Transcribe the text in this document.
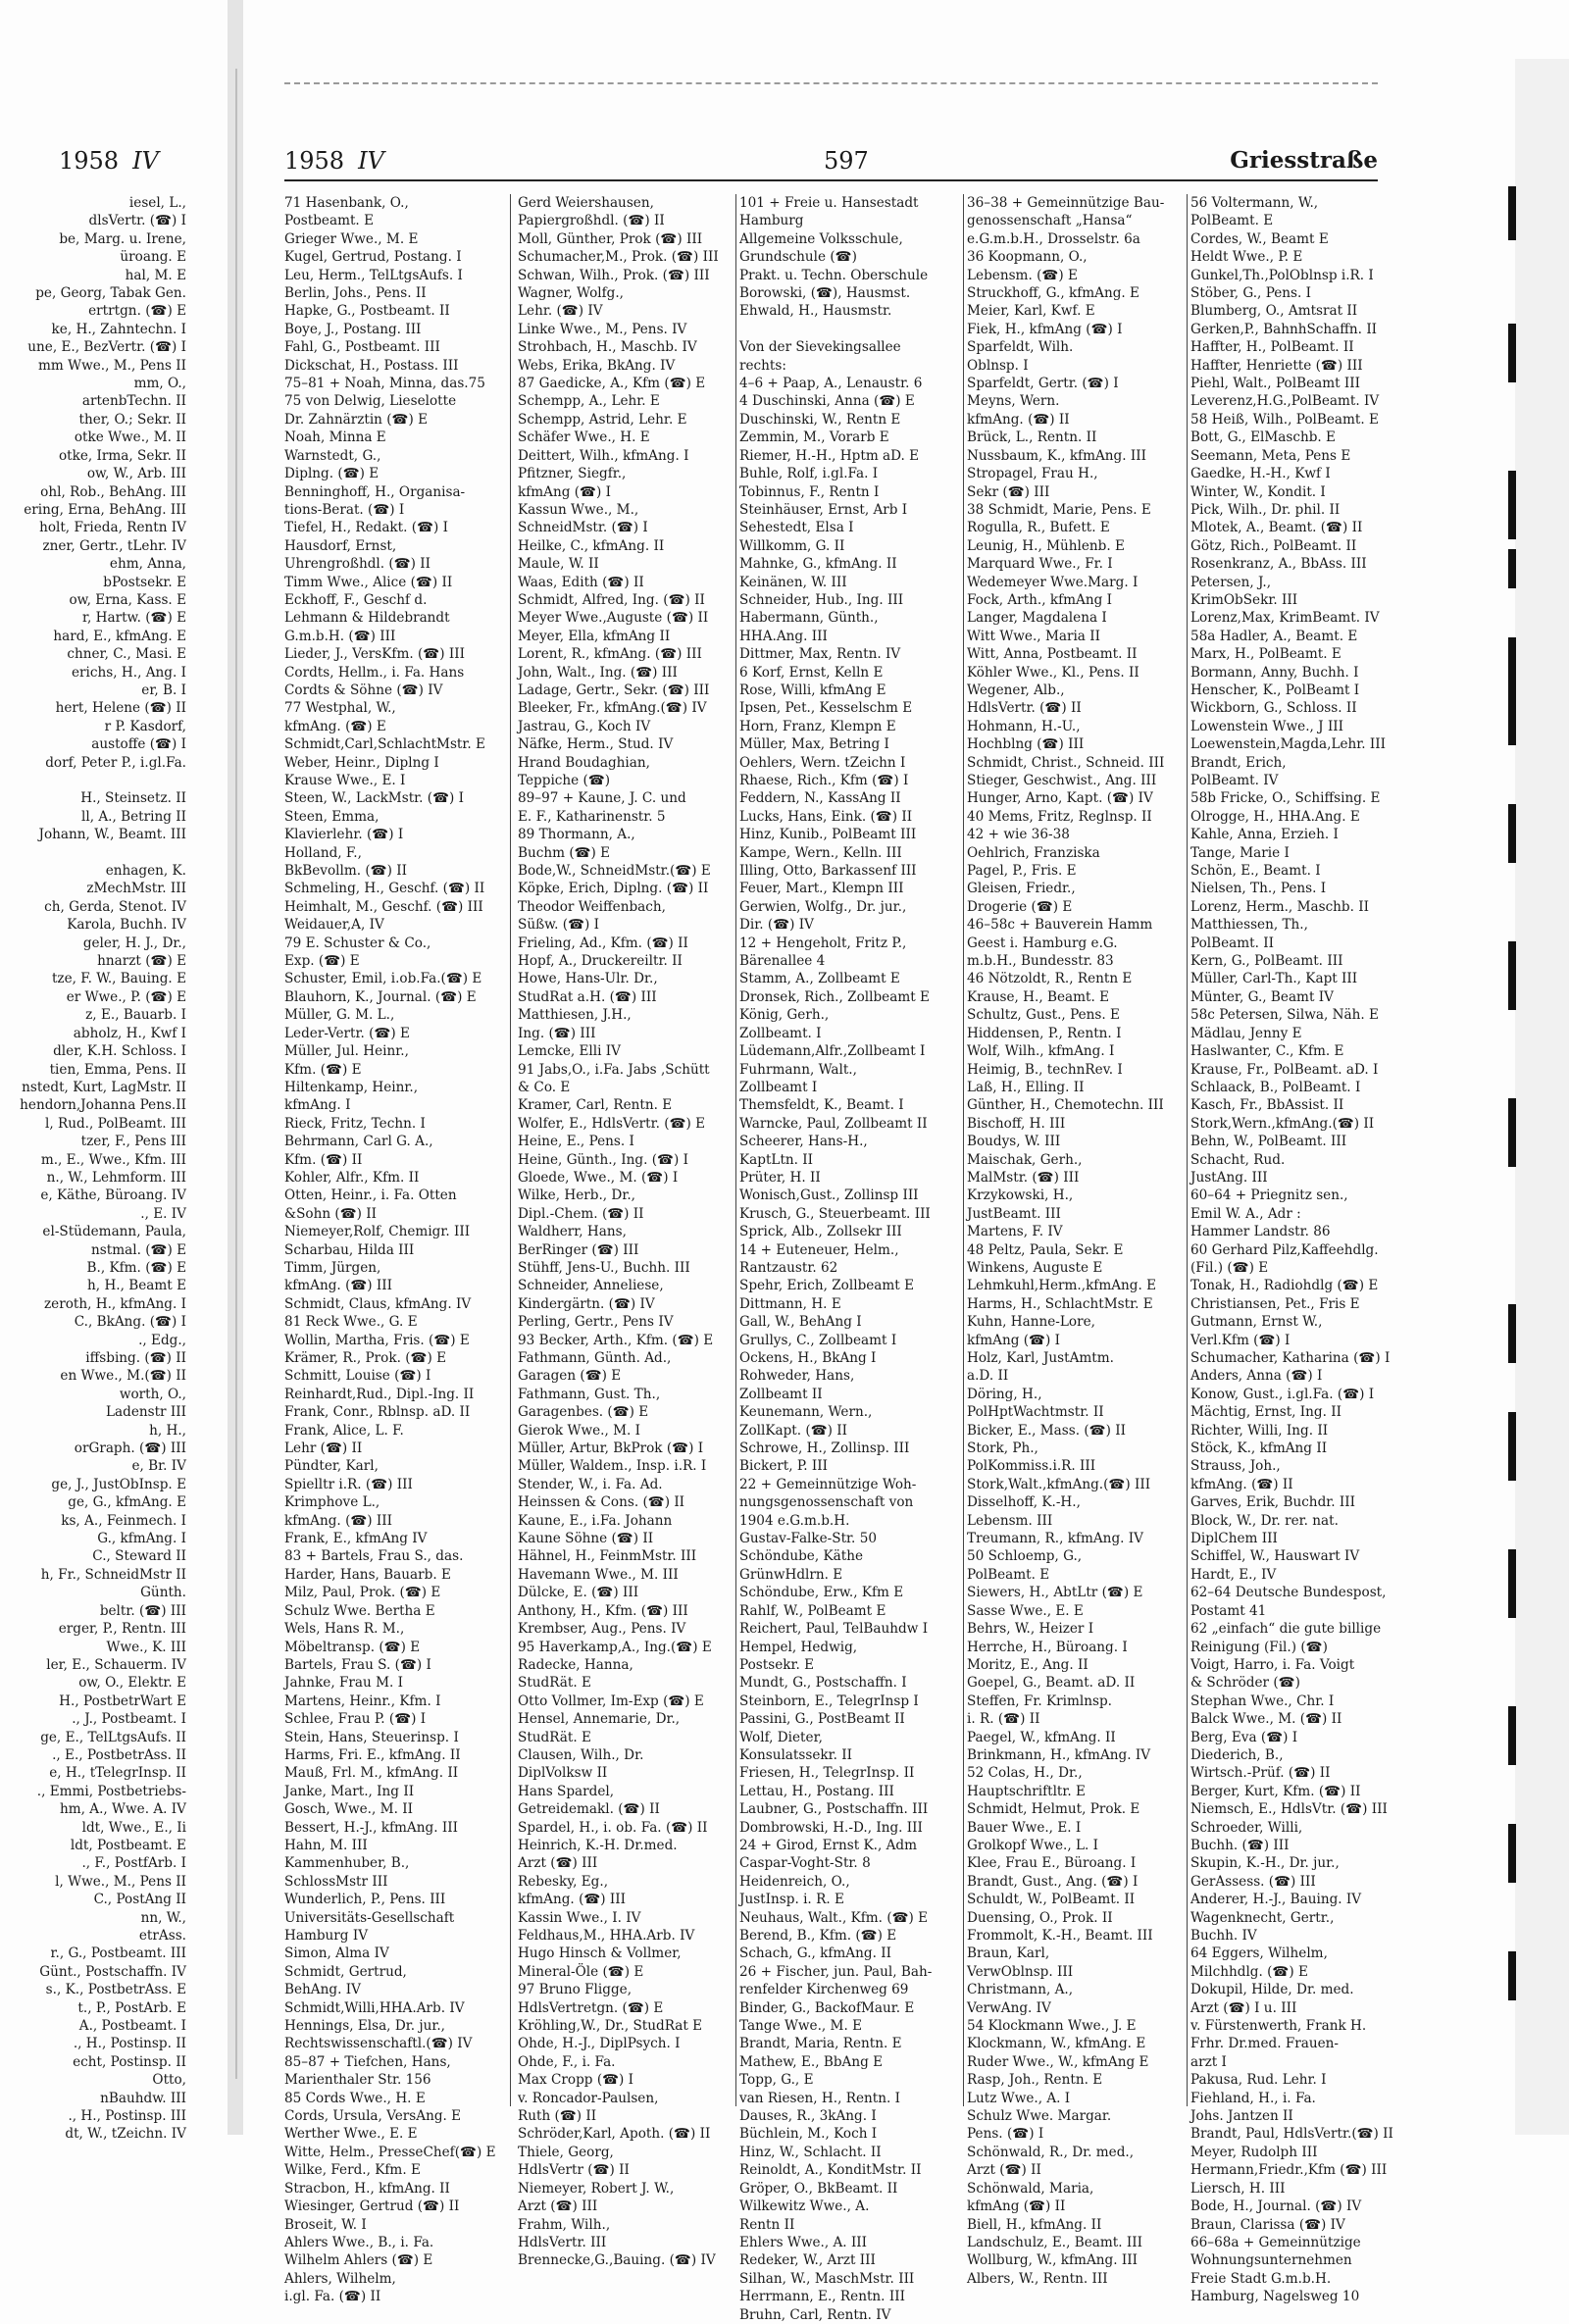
1958 IV
iesel, L.,
dlsVertr. (☎) I
be, Marg. u. Irene,
üroang. E
hal, M. E
pe, Georg, Tabak Gen.
ertrtgn. (☎) E
ke, H., Zahntechn. I
une, E., BezVertr. (☎) I
mm Wwe., M., Pens II
mm, O.,
artenbTechn. II
ther, O.; Sekr. II
otke Wwe., M. II
otke, Irma, Sekr. II
ow, W., Arb. III
ohl, Rob., BehAng. III
ering, Erna, BehAng. III
holt, Frieda, Rentn IV
zner, Gertr., tLehr. IV
ehm, Anna,
bPostsekr. E
ow, Erna, Kass. E
r, Hartw. (☎) E
hard, E., kfmAng. E
chner, C., Masi. E
erichs, H., Ang. I
er, B. I
hert, Helene (☎) II
r P. Kasdorf,
austoffe (☎) I
dorf, Peter P., i.gl.Fa.

H., Steinsetz. II
ll, A., Betring II
Johann, W., Beamt. III

enhagen, K.
zMechMstr. III
ch, Gerda, Stenot. IV
Karola, Buchh. IV
geler, H. J., Dr.,
hnarzt (☎) E
tze, F. W., Bauing. E
er Wwe., P. (☎) E
z, E., Bauarb. I
abholz, H., Kwf I
dler, K.H. Schloss. I
tien, Emma, Pens. II
nstedt, Kurt, LagMstr. II
hendorn,Johanna Pens.II
l, Rud., PolBeamt. III
tzer, F., Pens III
m., E., Wwe., Kfm. III
n., W., Lehmform. III
e, Käthe, Büroang. IV
., E. IV
el-Stüdemann, Paula,
nstmal. (☎) E
B., Kfm. (☎) E
h, H., Beamt E
zeroth, H., kfmAng. I
C., BkAng. (☎) I
., Edg.,
iffsbing. (☎) II
en Wwe., M.(☎) II
worth, O.,
Ladenstr III
h, H.,
orGraph. (☎) III
e, Br. IV
ge, J., JustObInsp. E
ge, G., kfmAng. E
ks, A., Feinmech. I
G., kfmAng. I
C., Steward II
h, Fr., SchneidMstr II
Günth.
beltr. (☎) III
erger, P., Rentn. III
Wwe., K. III
ler, E., Schauerm. IV
ow, O., Elektr. E
H., PostbetrWart E
., J., Postbeamt. I
ge, E., TelLtgsAufs. II
., E., PostbetrAss. II
e, H., tTelegrInsp. II
., Emmi, Postbetriebs-
hm, A., Wwe. A. IV
ldt, Wwe., E., Ii
ldt, Postbeamt. E
., F., PostfArb. I
l, Wwe., M., Pens II
C., PostAng II
nn, W.,
etrAss.
r., G., Postbeamt. III
Günt., Postschaffn. IV
s., K., PostbetrAss. E
t., P., PostArb. E
A., Postbeamt. I
., H., Postinsp. II
echt, Postinsp. II
Otto,
nBauhdw. III
., H., Postinsp. III
dt, W., tZeichn. IV
1958 IV	597	Griesstraße
71 Hasenbank, O.,
Postbeamt. E
Grieger Wwe., M. E
Kugel, Gertrud, Postang. I
Leu, Herm., TelLtgsAufs. I
Berlin, Johs., Pens. II
Hapke, G., Postbeamt. II
Boye, J., Postang. III
Fahl, G., Postbeamt. III
Dickschat, H., Postass. III
75–81 + Noah, Minna, das.75
75 von Delwig, Lieselotte
Dr. Zahnärztin (☎) E
Noah, Minna E
Warnstedt, G.,
Diplng. (☎) E
Benninghoff, H., Organisa-
tions-Berat. (☎) I
Tiefel, H., Redakt. (☎) I
Hausdorf, Ernst,
Uhrengroßhdl. (☎) II
Timm Wwe., Alice (☎) II
Eckhoff, F., Geschf d.
Lehmann & Hildebrandt
G.m.b.H. (☎) III
Lieder, J., VersKfm. (☎) III
Cordts, Hellm., i. Fa. Hans
Cordts & Söhne (☎) IV
77 Westphal, W.,
kfmAng. (☎) E
Schmidt,Carl,SchlachtMstr. E
Weber, Heinr., Diplng I
Krause Wwe., E. I
Steen, W., LackMstr. (☎) I
Steen, Emma,
Klavierlehr. (☎) I
Holland, F.,
BkBevollm. (☎) II
Schmeling, H., Geschf. (☎) II
Heimhalt, M., Geschf. (☎) III
Weidauer,A, IV
79 E. Schuster & Co.,
Exp. (☎) E
Schuster, Emil, i.ob.Fa.(☎) E
Blauhorn, K., Journal. (☎) E
Müller, G. M. L.,
Leder-Vertr. (☎) E
Müller, Jul. Heinr.,
Kfm. (☎) E
Hiltenkamp, Heinr.,
kfmAng. I
Rieck, Fritz, Techn. I
Behrmann, Carl G. A.,
Kfm. (☎) II
Kohler, Alfr., Kfm. II
Otten, Heinr., i. Fa. Otten
&Sohn (☎) II
Niemeyer,Rolf, Chemigr. III
Scharbau, Hilda III
Timm, Jürgen,
kfmAng. (☎) III
Schmidt, Claus, kfmAng. IV
81 Reck Wwe., G. E
Wollin, Martha, Fris. (☎) E
Krämer, R., Prok. (☎) E
Schmitt, Louise (☎) I
Reinhardt,Rud., Dipl.-Ing. II
Frank, Conr., Rblnsp. aD. II
Frank, Alice, L. F.
Lehr (☎) II
Pündter, Karl,
Spielltr i.R. (☎) III
Krimphove L.,
kfmAng. (☎) III
Frank, E., kfmAng IV
83 + Bartels, Frau S., das.
Harder, Hans, Bauarb. E
Milz, Paul, Prok. (☎) E
Schulz Wwe. Bertha E
Wels, Hans R. M.,
Möbeltransp. (☎) E
Bartels, Frau S. (☎) I
Jahnke, Frau M. I
Martens, Heinr., Kfm. I
Schlee, Frau P. (☎) I
Stein, Hans, Steuerinsp. I
Harms, Fri. E., kfmAng. II
Mauß, Frl. M., kfmAng. II
Janke, Mart., Ing II
Gosch, Wwe., M. II
Bessert, H.-J., kfmAng. III
Hahn, M. III
Kammenhuber, B.,
SchlossMstr III
Wunderlich, P., Pens. III
Universitäts-Gesellschaft
Hamburg IV
Simon, Alma IV
Schmidt, Gertrud,
BehAng. IV
Schmidt,Willi,HHA.Arb. IV
Hennings, Elsa, Dr. jur.,
Rechtswissenschaftl.(☎) IV
85–87 + Tiefchen, Hans,
Marienthaler Str. 156
85 Cords Wwe., H. E
Cords, Ursula, VersAng. E
Werther Wwe., E. E
Witte, Helm., PresseChef(☎) E
Wilke, Ferd., Kfm. E
Stracbon, H., kfmAng. II
Wiesinger, Gertrud (☎) II
Broseit, W. I
Ahlers Wwe., B., i. Fa.
Wilhelm Ahlers (☎) E
Ahlers, Wilhelm,
i.gl. Fa. (☎) II
Gerd Weiershausen,
Papiergroßhdl. (☎) II
Moll, Günther, Prok (☎) III
Schumacher,M., Prok. (☎) III
Schwan, Wilh., Prok. (☎) III
Wagner, Wolfg.,
Lehr. (☎) IV
Linke Wwe., M., Pens. IV
Strohbach, H., Maschb. IV
Webs, Erika, BkAng. IV
87 Gaedicke, A., Kfm (☎) E
Schempp, A., Lehr. E
Schempp, Astrid, Lehr. E
Schäfer Wwe., H. E
Deittert, Wilh., kfmAng. I
Pfitzner, Siegfr.,
kfmAng (☎) I
Kassun Wwe., M.,
SchneidMstr. (☎) I
Heilke, C., kfmAng. II
Maule, W. II
Waas, Edith (☎) II
Schmidt, Alfred, Ing. (☎) II
Meyer Wwe.,Auguste (☎) II
Meyer, Ella, kfmAng II
Lorent, R., kfmAng. (☎) III
John, Walt., Ing. (☎) III
Ladage, Gertr., Sekr. (☎) III
Bleeker, Fr., kfmAng.(☎) IV
Jastrau, G., Koch IV
Näfke, Herm., Stud. IV
Hrand Boudaghian,
Teppiche (☎)
89–97 + Kaune, J. C. und
E. F., Katharinenstr. 5
89 Thormann, A.,
Buchm (☎) E
Bode,W., SchneidMstr.(☎) E
Köpke, Erich, Diplng. (☎) II
Theodor Weiffenbach,
Süßw. (☎) I
Frieling, Ad., Kfm. (☎) II
Hopf, A., Druckereiltr. II
Howe, Hans-Ulr. Dr.,
StudRat a.H. (☎) III
Matthiesen, J.H.,
Ing. (☎) III
Lemcke, Elli IV
91 Jabs,O., i.Fa. Jabs ,Schütt
& Co. E
Kramer, Carl, Rentn. E
Wolfer, E., HdlsVertr. (☎) E
Heine, E., Pens. I
Heine, Günth., Ing. (☎) I
Gloede, Wwe., M. (☎) I
Wilke, Herb., Dr.,
Dipl.-Chem. (☎) II
Waldherr, Hans,
BerRinger (☎) III
Stühff, Jens-U., Buchh. III
Schneider, Anneliese,
Kindergärtn. (☎) IV
Perling, Gertr., Pens IV
93 Becker, Arth., Kfm. (☎) E
Fathmann, Günth. Ad.,
Garagen (☎) E
Fathmann, Gust. Th.,
Garagenbes. (☎) E
Gierok Wwe., M. I
Müller, Artur, BkProk (☎) I
Müller, Waldem., Insp. i.R. I
Stender, W., i. Fa. Ad.
Heinssen & Cons. (☎) II
Kaune, E., i.Fa. Johann
Kaune Söhne (☎) II
Hähnel, H., FeinmMstr. III
Havemann Wwe., M. III
Dülcke, E. (☎) III
Anthony, H., Kfm. (☎) III
Krembser, Aug., Pens. IV
95 Haverkamp,A., Ing.(☎) E
Radecke, Hanna,
StudRät. E
Otto Vollmer, Im-Exp (☎) E
Hensel, Annemarie, Dr.,
StudRät. E
Clausen, Wilh., Dr.
DiplVolksw II
Hans Spardel,
Getreidemakl. (☎) II
Spardel, H., i. ob. Fa. (☎) II
Heinrich, K.-H. Dr.med.
Arzt (☎) III
Rebesky, Eg.,
kfmAng. (☎) III
Kassin Wwe., I. IV
Feldhaus,M., HHA.Arb. IV
Hugo Hinsch & Vollmer,
Mineral-Öle (☎) E
97 Bruno Fligge,
HdlsVertretgn. (☎) E
Kröhling,W., Dr., StudRat E
Ohde, H.-J., DiplPsych. I
Ohde, F., i. Fa.
Max Cropp (☎) I
v. Roncador-Paulsen,
Ruth (☎) II
Schröder,Karl, Apoth. (☎) II
Thiele, Georg,
HdlsVertr (☎) II
Niemeyer, Robert J. W.,
Arzt (☎) III
Frahm, Wilh.,
HdlsVertr. III
Brennecke,G.,Bauing. (☎) IV
101 + Freie u. Hansestadt
Hamburg
Allgemeine Volksschule,
Grundschule (☎)
Prakt. u. Techn. Oberschule
Borowski, (☎), Hausmst.
Ehwald, H., Hausmstr.

Von der Sievekingsallee
rechts:
4–6 + Paap, A., Lenaustr. 6
4 Duschinski, Anna (☎) E
Duschinski, W., Rentn E
Zemmin, M., Vorarb E
Riemer, H.-H., Hptm aD. E
Buhle, Rolf, i.gl.Fa. I
Tobinnus, F., Rentn I
Steinhäuser, Ernst, Arb I
Sehestedt, Elsa I
Willkomm, G. II
Mahnke, G., kfmAng. II
Keinänen, W. III
Schneider, Hub., Ing. III
Habermann, Günth.,
HHA.Ang. III
Dittmer, Max, Rentn. IV
6 Korf, Ernst, Kelln E
Rose, Willi, kfmAng E
Ipsen, Pet., Kesselschm E
Horn, Franz, Klempn E
Müller, Max, Betring I
Oehlers, Wern. tZeichn I
Rhaese, Rich., Kfm (☎) I
Feddern, N., KassAng II
Lucks, Hans, Eink. (☎) II
Hinz, Kunib., PolBeamt III
Kampe, Wern., Kelln. III
Illing, Otto, Barkassenf III
Feuer, Mart., Klempn III
Gerwien, Wolfg., Dr. jur.,
Dir. (☎) IV
12 + Hengeholt, Fritz P.,
Bärenallee 4
Stamm, A., Zollbeamt E
Dronsek, Rich., Zollbeamt E
König, Gerh.,
Zollbeamt. I
Lüdemann,Alfr.,Zollbeamt I
Fuhrmann, Walt.,
Zollbeamt I
Themsfeldt, K., Beamt. I
Warncke, Paul, Zollbeamt II
Scheerer, Hans-H.,
KaptLtn. II
Prüter, H. II
Wonisch,Gust., Zollinsp III
Krusch, G., Steuerbeamt. III
Sprick, Alb., Zollsekr III
14 + Euteneuer, Helm.,
Rantzaustr. 62
Spehr, Erich, Zollbeamt E
Dittmann, H. E
Gall, W., BehAng I
Grullys, C., Zollbeamt I
Ockens, H., BkAng I
Rohweder, Hans,
Zollbeamt II
Keunemann, Wern.,
ZollKapt. (☎) II
Schrowe, H., Zollinsp. III
Bickert, P. III
22 + Gemeinnützige Woh-
nungsgenossenschaft von
1904 e.G.m.b.H.
Gustav-Falke-Str. 50
Schöndube, Käthe
GrünwHdlrn. E
Schöndube, Erw., Kfm E
Rahlf, W., PolBeamt E
Reichert, Paul, TelBauhdw I
Hempel, Hedwig,
Postsekr. E
Mundt, G., Postschaffn. I
Steinborn, E., TelegrInsp I
Passini, G., PostBeamt II
Wolf, Dieter,
Konsulatssekr. II
Friesen, H., TelegrInsp. II
Lettau, H., Postang. III
Laubner, G., Postschaffn. III
Dombrowski, H.-D., Ing. III
24 + Girod, Ernst K., Adm
Caspar-Voght-Str. 8
Heidenreich, O.,
JustInsp. i. R. E
Neuhaus, Walt., Kfm. (☎) E
Berend, B., Kfm. (☎) E
Schach, G., kfmAng. II
26 + Fischer, jun. Paul, Bah-
renfelder Kirchenweg 69
Binder, G., BackofMaur. E
Tange Wwe., M. E
Brandt, Maria, Rentn. E
Mathew, E., BbAng E
Topp, G., E
van Riesen, H., Rentn. I
Dauses, R., 3kAng. I
Büchlein, M., Koch I
Hinz, W., Schlacht. II
Reinoldt, A., KonditMstr. II
Gröper, O., BkBeamt. II
Wilkewitz Wwe., A.
Rentn II
Ehlers Wwe., A. III
Redeker, W., Arzt III
Silhan, W., MaschMstr. III
Herrmann, E., Rentn. III
Bruhn, Carl, Rentn. IV
36–38 + Gemeinnützige Bau-
genossenschaft „Hansa“
e.G.m.b.H., Drosselstr. 6a
36 Koopmann, O.,
Lebensm. (☎) E
Struckhoff, G., kfmAng. E
Meier, Karl, Kwf. E
Fiek, H., kfmAng (☎) I
Sparfeldt, Wilh.
Oblnsp. I
Sparfeldt, Gertr. (☎) I
Meyns, Wern.
kfmAng. (☎) II
Brück, L., Rentn. II
Nussbaum, K., kfmAng. III
Stropagel, Frau H.,
Sekr (☎) III
38 Schmidt, Marie, Pens. E
Rogulla, R., Bufett. E
Leunig, H., Mühlenb. E
Marquard Wwe., Fr. I
Wedemeyer Wwe.Marg. I
Fock, Arth., kfmAng I
Langer, Magdalena I
Witt Wwe., Maria II
Witt, Anna, Postbeamt. II
Köhler Wwe., Kl., Pens. II
Wegener, Alb.,
HdlsVertr. (☎) II
Hohmann, H.-U.,
Hochblng (☎) III
Schmidt, Christ., Schneid. III
Stieger, Geschwist., Ang. III
Hunger, Arno, Kapt. (☎) IV
40 Mems, Fritz, Reglnsp. II
42 + wie 36-38
Oehlrich, Franziska
Pagel, P., Fris. E
Gleisen, Friedr.,
Drogerie (☎) E
46–58c + Bauverein Hamm
Geest i. Hamburg e.G.
m.b.H., Bundesstr. 83
46 Nötzoldt, R., Rentn E
Krause, H., Beamt. E
Schultz, Gust., Pens. E
Hiddensen, P., Rentn. I
Wolf, Wilh., kfmAng. I
Heimig, B., technRev. I
Laß, H., Elling. II
Günther, H., Chemotechn. III
Bischoff, H. III
Boudys, W. III
Maischak, Gerh.,
MalMstr. (☎) III
Krzykowski, H.,
JustBeamt. III
Martens, F. IV
48 Peltz, Paula, Sekr. E
Winkens, Auguste E
Lehmkuhl,Herm.,kfmAng. E
Harms, H., SchlachtMstr. E
Kuhn, Hanne-Lore,
kfmAng (☎) I
Holz, Karl, JustAmtm.
a.D. II
Döring, H.,
PolHptWachtmstr. II
Bicker, E., Mass. (☎) II
Stork, Ph.,
PolKommiss.i.R. III
Stork,Walt.,kfmAng.(☎) III
Disselhoff, K.-H.,
Lebensm. III
Treumann, R., kfmAng. IV
50 Schloemp, G.,
PolBeamt. E
Siewers, H., AbtLtr (☎) E
Sasse Wwe., E. E
Behrs, W., Heizer I
Herrche, H., Büroang. I
Moritz, E., Ang. II
Goepel, G., Beamt. aD. II
Steffen, Fr. Krimlnsp.
i. R. (☎) II
Paegel, W., kfmAng. II
Brinkmann, H., kfmAng. IV
52 Colas, H., Dr.,
Hauptschriftltr. E
Schmidt, Helmut, Prok. E
Bauer Wwe., E. I
Grolkopf Wwe., L. I
Klee, Frau E., Büroang. I
Brandt, Gust., Ang. (☎) I
Schuldt, W., PolBeamt. II
Duensing, O., Prok. II
Frommolt, K.-H., Beamt. III
Braun, Karl,
VerwOblnsp. III
Christmann, A.,
VerwAng. IV
54 Klockmann Wwe., J. E
Klockmann, W., kfmAng. E
Ruder Wwe., W., kfmAng E
Rasp, Joh., Rentn. E
Lutz Wwe., A. I
Schulz Wwe. Margar.
Pens. (☎) I
Schönwald, R., Dr. med.,
Arzt (☎) II
Schönwald, Maria,
kfmAng (☎) II
Biell, H., kfmAng. II
Landschulz, E., Beamt. III
Wollburg, W., kfmAng. III
Albers, W., Rentn. III
56 Voltermann, W.,
PolBeamt. E
Cordes, W., Beamt E
Heldt Wwe., P. E
Gunkel,Th.,PolOblnsp i.R. I
Stöber, G., Pens. I
Blumberg, O., Amtsrat II
Gerken,P., BahnhSchaffn. II
Haffter, H., PolBeamt. II
Haffter, Henriette (☎) III
Piehl, Walt., PolBeamt III
Leverenz,H.G.,PolBeamt. IV
58 Heiß, Wilh., PolBeamt. E
Bott, G., ElMaschb. E
Seemann, Meta, Pens E
Gaedke, H.-H., Kwf I
Winter, W., Kondit. I
Pick, Wilh., Dr. phil. II
Mlotek, A., Beamt. (☎) II
Götz, Rich., PolBeamt. II
Rosenkranz, A., BbAss. III
Petersen, J.,
KrimObSekr. III
Lorenz,Max, KrimBeamt. IV
58a Hadler, A., Beamt. E
Marx, H., PolBeamt. E
Bormann, Anny, Buchh. I
Henscher, K., PolBeamt I
Wickborn, G., Schloss. II
Lowenstein Wwe., J III
Loewenstein,Magda,Lehr. III
Brandt, Erich,
PolBeamt. IV
58b Fricke, O., Schiffsing. E
Olrogge, H., HHA.Ang. E
Kahle, Anna, Erzieh. I
Tange, Marie I
Schön, E., Beamt. I
Nielsen, Th., Pens. I
Lorenz, Herm., Maschb. II
Matthiessen, Th.,
PolBeamt. II
Kern, G., PolBeamt. III
Müller, Carl-Th., Kapt III
Münter, G., Beamt IV
58c Petersen, Silwa, Näh. E
Mädlau, Jenny E
Haslwanter, C., Kfm. E
Krause, Fr., PolBeamt. aD. I
Schlaack, B., PolBeamt. I
Kasch, Fr., BbAssist. II
Stork,Wern.,kfmAng.(☎) II
Behn, W., PolBeamt. III
Schacht, Rud.
JustAng. III
60–64 + Priegnitz sen.,
Emil W. A., Adr :
Hammer Landstr. 86
60 Gerhard Pilz,Kaffeehdlg.
(Fil.) (☎) E
Tonak, H., Radiohdlg (☎) E
Christiansen, Pet., Fris E
Gutmann, Ernst W.,
Verl.Kfm (☎) I
Schumacher, Katharina (☎) I
Anders, Anna (☎) I
Konow, Gust., i.gl.Fa. (☎) I
Mächtig, Ernst, Ing. II
Richter, Willi, Ing. II
Stöck, K., kfmAng II
Strauss, Joh.,
kfmAng. (☎) II
Garves, Erik, Buchdr. III
Block, W., Dr. rer. nat.
DiplChem III
Schiffel, W., Hauswart IV
Hardt, E., IV
62–64 Deutsche Bundespost,
Postamt 41
62 „einfach“ die gute billige
Reinigung (Fil.) (☎)
Voigt, Harro, i. Fa. Voigt
& Schröder (☎)
Stephan Wwe., Chr. I
Balck Wwe., M. (☎) II
Berg, Eva (☎) I
Diederich, B.,
Wirtsch.-Prüf. (☎) II
Berger, Kurt, Kfm. (☎) II
Niemsch, E., HdlsVtr. (☎) III
Schroeder, Willi,
Buchh. (☎) III
Skupin, K.-H., Dr. jur.,
GerAssess. (☎) III
Anderer, H.-J., Bauing. IV
Wagenknecht, Gertr.,
Buchh. IV
64 Eggers, Wilhelm,
Milchhdlg. (☎) E
Dokupil, Hilde, Dr. med.
Arzt (☎) I u. III
v. Fürstenwerth, Frank H.
Frhr. Dr.med. Frauen-
arzt I
Pakusa, Rud. Lehr. I
Fiehland, H., i. Fa.
Johs. Jantzen II
Brandt, Paul, HdlsVertr.(☎) II
Meyer, Rudolph III
Hermann,Friedr.,Kfm (☎) III
Liersch, H. III
Bode, H., Journal. (☎) IV
Braun, Clarissa (☎) IV
66–68a + Gemeinnützige
Wohnungsunternehmen
Freie Stadt G.m.b.H.
Hamburg, Nagelsweg 10
